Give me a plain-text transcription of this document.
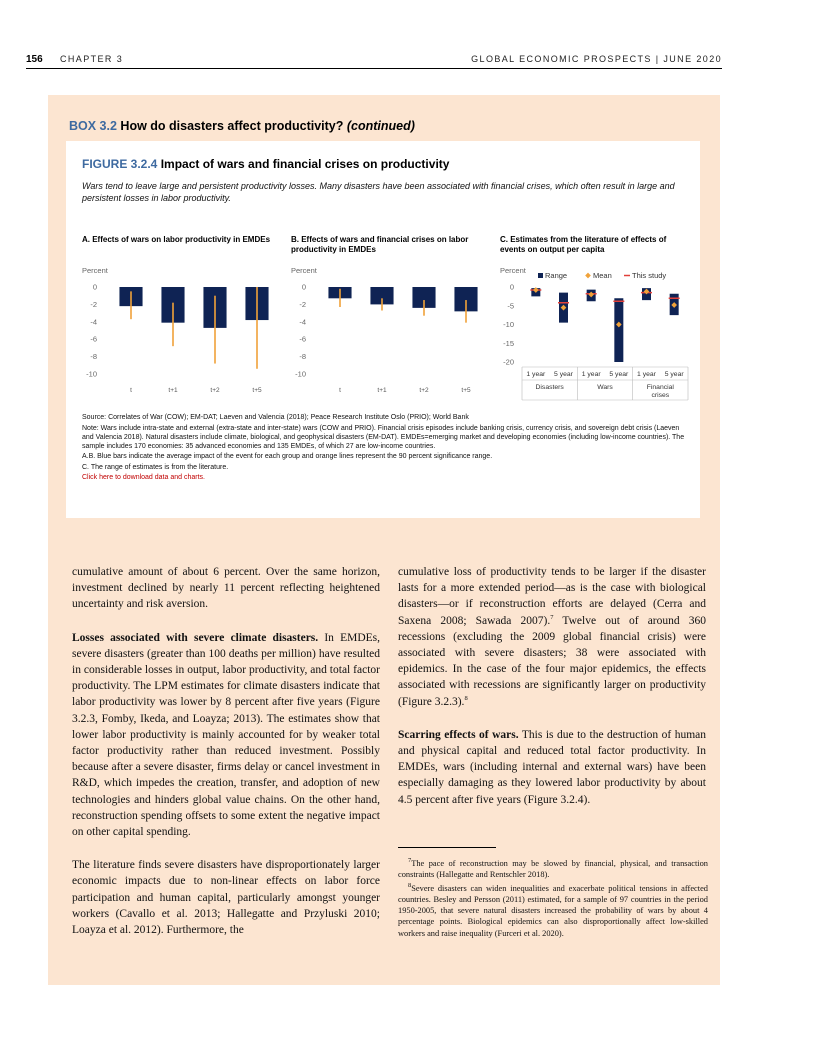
156 CHAPTER 3	GLOBAL ECONOMIC PROSPECTS | JUNE 2020
BOX 3.2 How do disasters affect productivity? (continued)
FIGURE 3.2.4 Impact of wars and financial crises on productivity
Wars tend to leave large and persistent productivity losses. Many disasters have been associated with financial crises, which often result in large and persistent losses in labor productivity.
A. Effects of wars on labor productivity in EMDEs	B. Effects of wars and financial crises on labor productivity in EMDEs
C. Estimates from the literature of effects of events on output per capita
Percent
0
-2
-4
-6
-8
-10
t	t+1	t+2	t+5
Percent
0
-2
-4
-6
-8
-10
t	t+1	t+2	t+5
Percent
0
-5
-10
-15
-20
Range	Mean	This study
1 year 5 year 1 year 5 year 1 year 5 year
Disasters	Wars	Financial
crises

Source: Correlates of War (COW); EM-DAT; Laeven and Valencia (2018); Peace Research Institute Oslo (PRIO); World Bank

Note: Wars include intra-state and external (extra-state and inter-state) wars (COW and PRIO). Financial crisis episodes include banking crisis, currency crisis, and sovereign debt crisis (Laeven and Valencia 2018). Natural disasters include climate, biological, and geophysical disasters (EM-DAT). EMDEs=emerging market and developing economies (including low-income countries). The sample includes 170 economies: 35 advanced economies and 135 EMDEs, of which 27 are low-income countries.

A.B. Blue bars indicate the average impact of the event for each group and orange lines represent the 90 percent significance range.

C. The range of estimates is from the literature.

Click here to download data and charts.

cumulative amount of about 6 percent. Over the same horizon, investment declined by nearly 11 percent reflecting heightened uncertainty and risk aversion.

Losses associated with severe climate disasters. In EMDEs, severe disasters (greater than 100 deaths per million) have resulted in considerable losses in output, labor productivity, and total factor productivity. The LPM estimates for climate disasters indicate that labor productivity was lower by 8 percent after five years (Figure 3.2.3, Fomby, Ikeda, and Loayza; 2013). The estimates show that lower labor productivity is mainly accounted for by weaker total factor productivity rather than reduced investment. Possibly because after a severe disaster, firms delay or cancel investment in R&D, which impedes the creation, transfer, and adoption of new technologies and hinders global value chains. On the other hand, reconstruction spending offsets to some extent the negative impact on other capital spending.

The literature finds severe disasters have disproportionately larger economic impacts due to non-linear effects on labor force participation and human capital, particularly amongst younger workers (Cavallo et al. 2013; Hallegatte and Przyluski 2010; Loayza et al. 2012). Furthermore, the

cumulative loss of productivity tends to be larger if the disaster lasts for a more extended period—as is the case with biological disasters—or if reconstruction efforts are delayed (Cerra and Saxena 2008; Sawada 2007).$^7$ Twelve out of around 360 recessions (excluding the 2009 global financial crisis) were associated with severe disasters; 38 were associated with epidemics. In the case of the four major epidemics, the effects associated with recessions are significantly larger on productivity (Figure 3.2.3).$^8$

Scarring effects of wars. This is due to the destruction of human and physical capital and reduced total factor productivity. In EMDEs, wars (including internal and external wars) have been especially damaging as they lowered labor productivity by about 4.5 percent after five years (Figure 3.2.4).

$^7$The pace of reconstruction may be slowed by financial, physical, and transaction constraints (Hallegatte and Rentschler 2018).

$^8$Severe disasters can widen inequalities and exacerbate political tensions in affected countries. Besley and Persson (2011) estimated, for a sample of 97 countries in the period 1950-2005, that severe natural disasters increased the probability of wars by about 4 percentage points. Biological epidemics can also disproportionally affect low-skilled workers and raise inequality (Furceri et al. 2020).
